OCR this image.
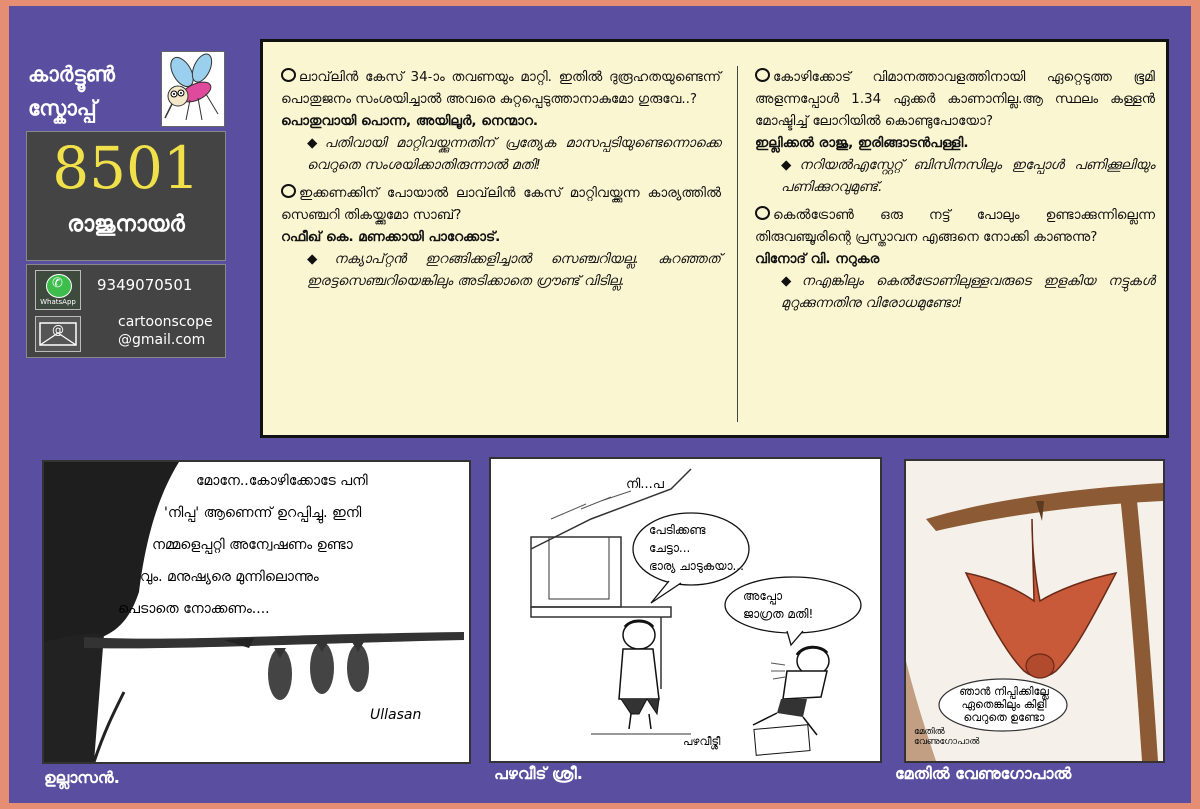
കാർട്ടൂൺ
സ്കോപ്പ്
8501
രാജുനായർ
✆
WhatsApp
9349070501
@	cartoonscope
@gmail.com

ലാവ്‌ലിൻ കേസ് 34-ാം തവണയും മാറ്റി. ഇതിൽ ദുരൂഹതയുണ്ടെന്ന് പൊതുജനം സംശയിച്ചാൽ അവരെ കുറ്റപ്പെടുത്താനാകുമോ ഗുരുവേ..?

പൊതുവായി പൊന്ന, അയിലൂർ, നെന്മാറ.

◆ പതിവായി മാറ്റിവയ്ക്കുന്നതിന് പ്രത്യേക മാസപ്പടിയുണ്ടെന്നൊക്കെ വെറുതെ സംശയിക്കാതിരുന്നാൽ മതി!

ഇക്കണക്കിന് പോയാൽ ലാവ്‌ലിൻ കേസ് മാറ്റിവയ്ക്കുന്ന കാര്യത്തിൽ സെഞ്ചറി തികയ്ക്കുമോ സാബ്?

റഫീഖ് കെ. മണക്കായി പാറേക്കാട്.

◆ നക്യാപ്റ്റൻ ഇറങ്ങിക്കളിച്ചാൽ സെഞ്ചറിയല്ല. കുറഞ്ഞത് ഇരട്ടസെഞ്ചറിയെങ്കിലും അടിക്കാതെ ഗ്രൗണ്ട് വിടില്ല.

കോഴിക്കോട് വിമാനത്താവളത്തിനായി ഏറ്റെടുത്ത ഭൂമി അളന്നപ്പോൾ 1.34 ഏക്കർ കാണാനില്ല.ആ സ്ഥലം കള്ളൻ മോഷ്ടിച്ച് ലോറിയിൽ കൊണ്ടുപോയോ?

ഇല്ലിക്കൽ രാജു, ഇരിങ്ങാടൻപള്ളി.

◆ നറിയൽഎസ്റ്റേറ്റ് ബിസിനസിലും ഇപ്പോൾ പണിക്കൂലിയും പണിക്കുറവുമുണ്ട്.

കെൽട്രോൺ ഒരു നട്ട് പോലും ഉണ്ടാക്കുന്നില്ലെന്ന തിരുവഞ്ചൂരിന്റെ പ്രസ്താവന എങ്ങനെ നോക്കി കാണുന്നു?

വിനോദ് വി. നറുകര

◆ നഎങ്കിലും കെൽട്രോണിലുള്ളവരുടെ ഇളകിയ നട്ടുകൾ മുറുക്കുന്നതിനു വിരോധമുണ്ടോ!

മോനേ..കോഴിക്കോടേ പനി
'നിപ്പ' ആണെന്ന് ഉറപ്പിച്ചു. ഇനി
നമ്മളെപ്പറ്റി അന്വേഷണം ഉണ്ടാ
വും. മനുഷ്യരെ മുന്നിലൊന്നും
പെടാതെ നോക്കണം....
Ullasan
ഉല്ലാസൻ.
നി...പ
പേടിക്കണ്ട
ചേട്ടാ...
ഭാര്യ ചാടുകയാ...
അപ്പോ
ജാഗ്രത മതി!
പഴവീട്ശ്രീ
പഴവീട് ശ്രീ.
ഞാൻ നിപ്പിക്കില്ലേ
ഏതെങ്കിലും കിളി
വെറുതെ ഉണ്ടോ
മേതിൽ വേണുഗോപാൽ
മേതിൽ വേണുഗോപാൽ
